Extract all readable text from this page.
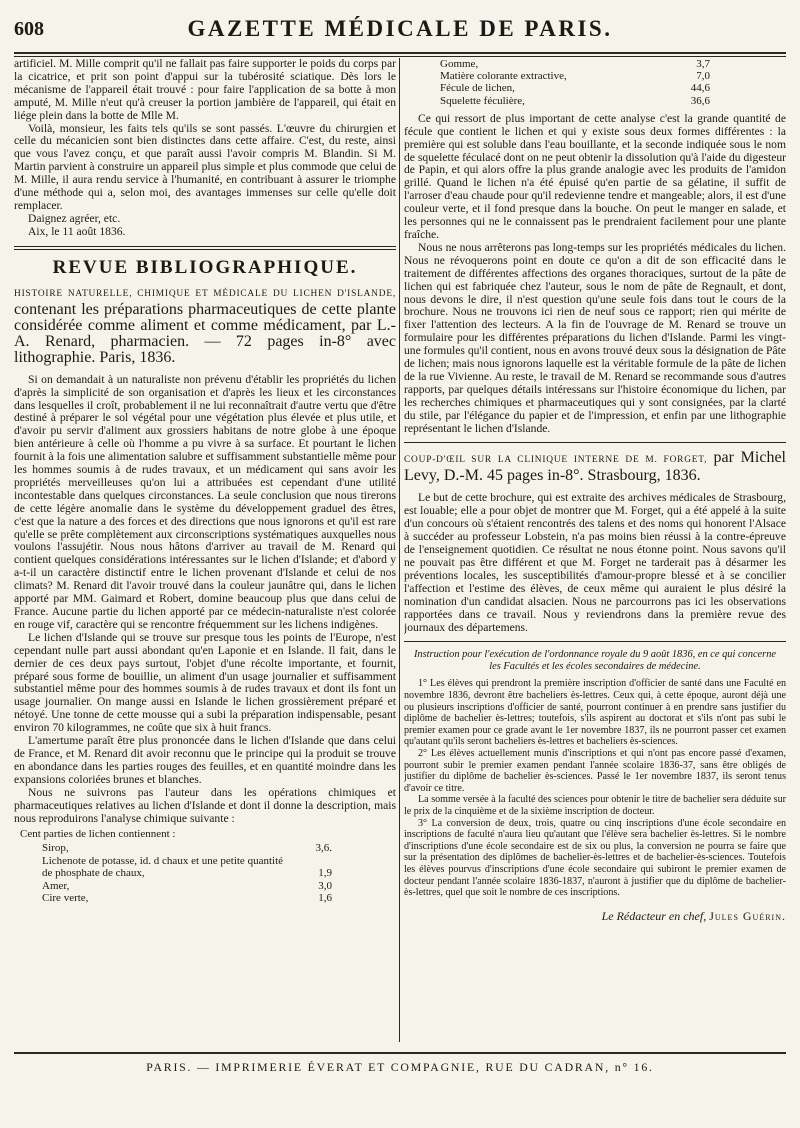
608	GAZETTE MÉDICALE DE PARIS.

artificiel. M. Mille comprit qu'il ne fallait pas faire supporter le poids du corps par la cicatrice, et prit son point d'appui sur la tubérosité sciatique. Dès lors le mécanisme de l'appareil était trouvé : pour faire l'application de sa botte à mon amputé, M. Mille n'eut qu'à creuser la portion jambière de l'appareil, qui était en liége plein dans la botte de Mlle M.

Voilà, monsieur, les faits tels qu'ils se sont passés. L'œuvre du chirurgien et celle du mécanicien sont bien distinctes dans cette affaire. C'est, du reste, ainsi que vous l'avez conçu, et que paraît aussi l'avoir compris M. Blandin. Si M. Martin parvient à construire un appareil plus simple et plus commode que celui de M. Mille, il aura rendu service à l'humanité, en contribuant à assurer le triomphe d'une méthode qui a, selon moi, des avantages immenses sur celle qu'elle doit remplacer.

Daignez agréer, etc.

Aix, le 11 août 1836.

REVUE BIBLIOGRAPHIQUE.

HISTOIRE NATURELLE, CHIMIQUE ET MÉDICALE DU LICHEN D'ISLANDE, contenant les préparations pharmaceutiques de cette plante considérée comme aliment et comme médicament, par L.-A. Renard, pharmacien. — 72 pages in-8° avec lithographie. Paris, 1836.

Si on demandait à un naturaliste non prévenu d'établir les propriétés du lichen d'après la simplicité de son organisation et d'après les lieux et les circonstances dans lesquelles il croît, probablement il ne lui reconnaîtrait d'autre vertu que d'être destiné à préparer le sol végétal pour une végétation plus élevée et plus utile, et d'avoir pu servir d'aliment aux grossiers habitans de notre globe à une époque bien antérieure à celle où l'homme a pu vivre à sa surface. Et pourtant le lichen fournit à la fois une alimentation salubre et suffisamment substantielle même pour les hommes soumis à de rudes travaux, et un médicament qui sans avoir les propriétés merveilleuses qu'on lui a attribuées est cependant d'une utilité incontestable dans quelques circonstances. La seule conclusion que nous tirerons de cette légère anomalie dans le système du développement graduel des êtres, c'est que la nature a des forces et des directions que nous ignorons et qu'il est rare qu'elle se prête complètement aux circonscriptions systématiques auxquelles nous voulons l'assujétir. Nous nous hâtons d'arriver au travail de M. Renard qui contient quelques considérations intéressantes sur le lichen d'Islande; et d'abord y a-t-il un caractère distinctif entre le lichen provenant d'Islande et celui de nos climats? M. Renard dit l'avoir trouvé dans la couleur jaunâtre qui, dans le lichen apporté par MM. Gaimard et Robert, domine beaucoup plus que dans celui de France. Aucune partie du lichen apporté par ce médecin-naturaliste n'est colorée en rouge vif, caractère qui se rencontre fréquemment sur les lichens indigènes.

Le lichen d'Islande qui se trouve sur presque tous les points de l'Europe, n'est cependant nulle part aussi abondant qu'en Laponie et en Islande. Il fait, dans le dernier de ces deux pays surtout, l'objet d'une récolte importante, et fournit, préparé sous forme de bouillie, un aliment d'un usage journalier et suffisamment substantiel même pour des hommes soumis à de rudes travaux et dont ils font un usage journalier. On mange aussi en Islande le lichen grossièrement préparé et nétoyé. Une tonne de cette mousse qui a subi la préparation indispensable, pesant environ 70 kilogrammes, ne coûte que six à huit francs.

L'amertume paraît être plus prononcée dans le lichen d'Islande que dans celui de France, et M. Renard dit avoir reconnu que le principe qui la produit se trouve en abondance dans les parties rouges des feuilles, et en quantité moindre dans les expansions coloriées brunes et blanches.

Nous ne suivrons pas l'auteur dans les opérations chimiques et pharmaceutiques relatives au lichen d'Islande et dont il donne la description, mais nous reproduirons l'analyse chimique suivante :

Cent parties de lichen contiennent :
Sirop,	3,6.
Lichenote de potasse, id. d chaux et une petite quantité de phosphate de chaux,	1,9
Amer,	3,0
Cire verte,	1,6
Gomme,	3,7
Matière colorante extractive,	7,0
Fécule de lichen,	44,6
Squelette féculière,	36,6

Ce qui ressort de plus important de cette analyse c'est la grande quantité de fécule que contient le lichen et qui y existe sous deux formes différentes : la première qui est soluble dans l'eau bouillante, et la seconde indiquée sous le nom de squelette féculacé dont on ne peut obtenir la dissolution qu'à l'aide du digesteur de Papin, et qui alors offre la plus grande analogie avec les produits de l'amidon grillé. Quand le lichen n'a été épuisé qu'en partie de sa gélatine, il suffit de l'arroser d'eau chaude pour qu'il redevienne tendre et mangeable; alors, il est d'une couleur verte, et il fond presque dans la bouche. On peut le manger en salade, et les personnes qui ne le connaissent pas le prendraient facilement pour une plante fraîche.

Nous ne nous arrêterons pas long-temps sur les propriétés médicales du lichen. Nous ne révoquerons point en doute ce qu'on a dit de son efficacité dans le traitement de différentes affections des organes thoraciques, surtout de la pâte de lichen qui est fabriquée chez l'auteur, sous le nom de pâte de Regnault, et dont, nous devons le dire, il n'est question qu'une seule fois dans tout le cours de la brochure. Nous ne trouvons ici rien de neuf sous ce rapport; rien qui mérite de fixer l'attention des lecteurs. A la fin de l'ouvrage de M. Renard se trouve un formulaire pour les différentes préparations du lichen d'Islande. Parmi les vingt-une formules qu'il contient, nous en avons trouvé deux sous la désignation de Pâte de lichen; mais nous ignorons laquelle est la véritable formule de la pâte de lichen de la rue Vivienne. Au reste, le travail de M. Renard se recommande sous d'autres rapports, par quelques détails intéressans sur l'histoire économique du lichen, par les recherches chimiques et pharmaceutiques qui y sont consignées, par la clarté du stile, par l'élégance du papier et de l'impression, et enfin par une lithographie représentant le lichen d'Islande.

COUP-D'ŒIL SUR LA CLINIQUE INTERNE DE M. FORGET, par Michel Levy, D.-M. 45 pages in-8°. Strasbourg, 1836.

Le but de cette brochure, qui est extraite des archives médicales de Strasbourg, est louable; elle a pour objet de montrer que M. Forget, qui a été appelé à la suite d'un concours où s'étaient rencontrés des talens et des noms qui honorent l'Alsace à succéder au professeur Lobstein, n'a pas moins bien réussi à la contre-épreuve de l'enseignement quotidien. Ce résultat ne nous étonne point. Nous savons qu'il ne pouvait pas être différent et que M. Forget ne tarderait pas à désarmer les préventions locales, les susceptibilités d'amour-propre blessé et à se concilier l'affection et l'estime des élèves, de ceux même qui auraient le plus désiré la nomination d'un candidat alsacien. Nous ne parcourrons pas ici les observations rapportées dans ce travail. Nous y reviendrons dans la première revue des journaux des départemens.

Instruction pour l'exécution de l'ordonnance royale du 9 août 1836, en ce qui concerne les Facultés et les écoles secondaires de médecine.

1° Les élèves qui prendront la première inscription d'officier de santé dans une Faculté en novembre 1836, devront être bacheliers ès-lettres. Ceux qui, à cette époque, auront déjà une ou plusieurs inscriptions d'officier de santé, pourront continuer à en prendre sans justifier du diplôme de bachelier ès-lettres; toutefois, s'ils aspirent au doctorat et s'ils n'ont pas subi le premier examen pour ce grade avant le 1er novembre 1837, ils ne pourront passer cet examen qu'autant qu'ils seront bacheliers ès-lettres et bacheliers ès-sciences.

2° Les élèves actuellement munis d'inscriptions et qui n'ont pas encore passé d'examen, pourront subir le premier examen pendant l'année scolaire 1836-37, sans être obligés de justifier du diplôme de bachelier ès-sciences. Passé le 1er novembre 1837, ils seront tenus d'avoir ce titre.

La somme versée à la faculté des sciences pour obtenir le titre de bachelier sera déduite sur le prix de la cinquième et de la sixième inscription de docteur.

3° La conversion de deux, trois, quatre ou cinq inscriptions d'une école secondaire en inscriptions de faculté n'aura lieu qu'autant que l'élève sera bachelier ès-lettres. Si le nombre d'inscriptions d'une école secondaire est de six ou plus, la conversion ne pourra se faire que sur la présentation des diplômes de bachelier-ès-lettres et de bachelier-ès-sciences. Toutefois les élèves pourvus d'inscriptions d'une école secondaire qui subiront le premier examen de docteur pendant l'année scolaire 1836-1837, n'auront à justifier que du diplôme de bachelier-ès-lettres, quel que soit le nombre de ces inscriptions.

Le Rédacteur en chef, Jules Guérin.
PARIS. — IMPRIMERIE ÉVERAT ET COMPAGNIE, RUE DU CADRAN, n° 16.
